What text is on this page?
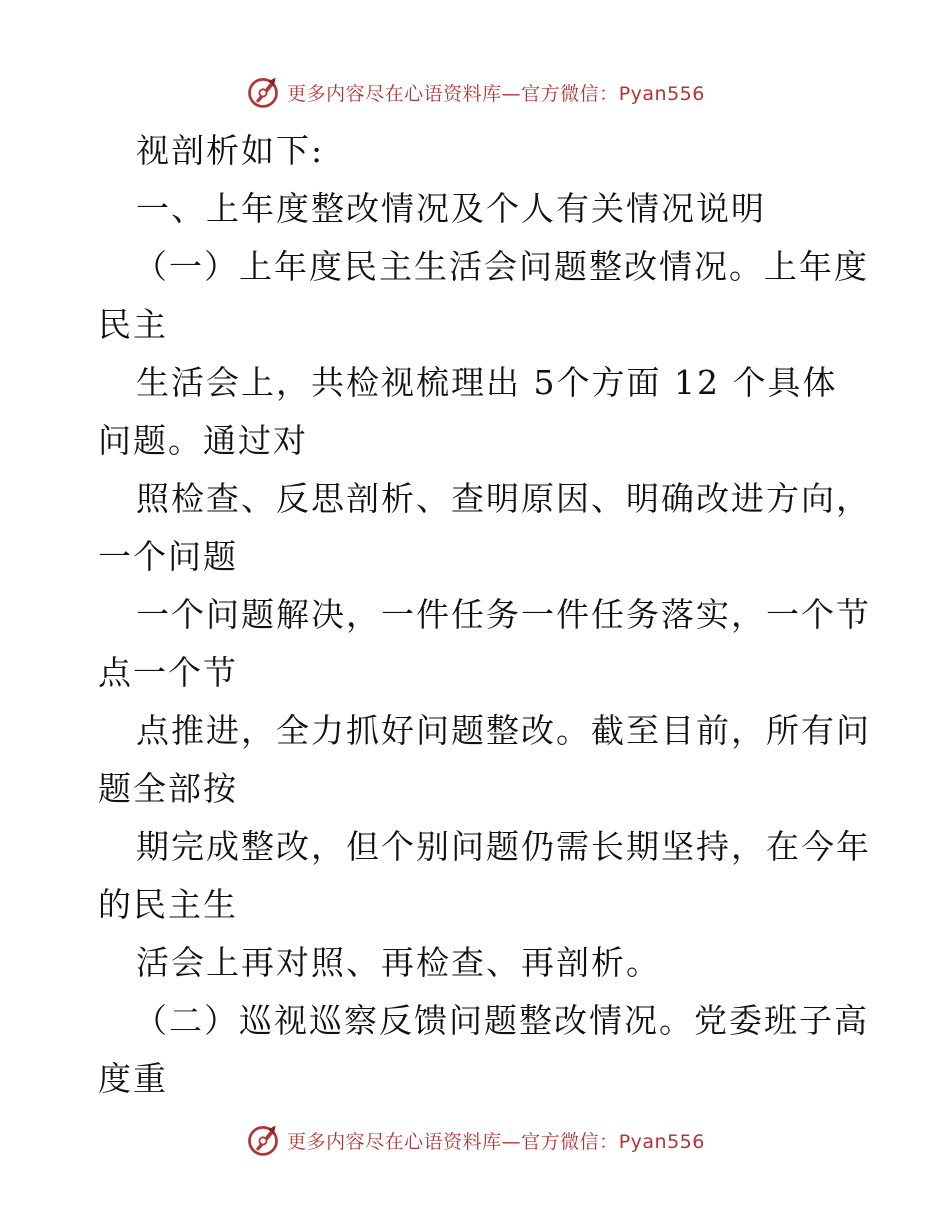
更多内容尽在心语资料库—官方微信：Pyan556
视剖析如下:
一、上年度整改情况及个人有关情况说明
（一）上年度民主生活会问题整改情况。上年度
民主
生活会上，共检视梳理出 5个方面 12 个具体
问题。通过对
照检查、反思剖析、查明原因、明确改进方向，
一个问题
一个问题解决，一件任务一件任务落实，一个节
点一个节
点推进，全力抓好问题整改。截至目前，所有问
题全部按
期完成整改，但个别问题仍需长期坚持，在今年
的民主生
活会上再对照、再检查、再剖析。
（二）巡视巡察反馈问题整改情况。党委班子高
度重
更多内容尽在心语资料库—官方微信：Pyan556
